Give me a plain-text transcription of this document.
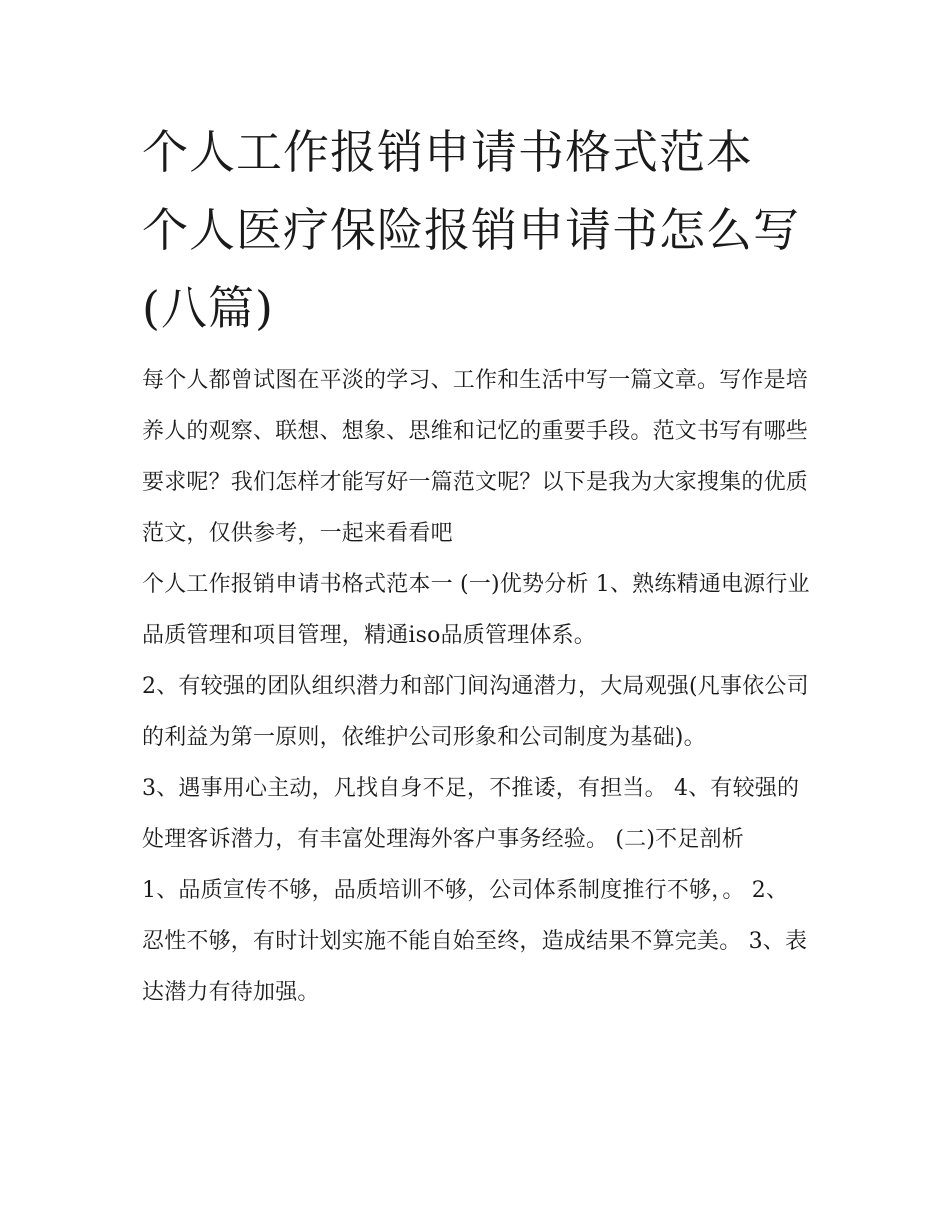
个人工作报销申请书格式范本 个人医疗保险报销申请书怎么写(八篇)

每个人都曾试图在平淡的学习、工作和生活中写一篇文章。写作是培养人的观察、联想、想象、思维和记忆的重要手段。范文书写有哪些要求呢？我们怎样才能写好一篇范文呢？以下是我为大家搜集的优质范文，仅供参考，一起来看看吧

个人工作报销申请书格式范本一 (一)优势分析 1、熟练精通电源行业品质管理和项目管理，精通iso品质管理体系。

2、有较强的团队组织潜力和部门间沟通潜力，大局观强(凡事依公司的利益为第一原则，依维护公司形象和公司制度为基础)。

3、遇事用心主动，凡找自身不足，不推诿，有担当。 4、有较强的处理客诉潜力，有丰富处理海外客户事务经验。 (二)不足剖析

1、品质宣传不够，品质培训不够，公司体系制度推行不够，。 2、忍性不够，有时计划实施不能自始至终，造成结果不算完美。 3、表达潜力有待加强。
